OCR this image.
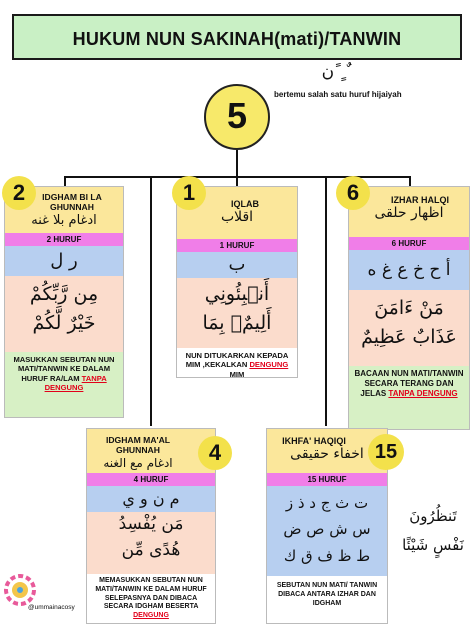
HUKUM NUN SAKINAH(mati)/TANWIN
ن ً ٍ ٌ
bertemu salah satu huruf hijaiyah
5
IDGHAM BI LA GHUNNAH
ادغام بلا غنه
2 HURUF
ر ل
مِن رَّبِّكُمْ
خَيْرٌ لَّكُمْ
MASUKKAN SEBUTAN NUN MATI/TANWIN KE DALAM HURUF RA/LAM TANPA DENGUNG
2	IQLAB
اقلاب
1 HURUF
ب
أَنۢبِئُونِي
أَلِيمٌۢ بِمَا
NUN DITUKARKAN KEPADA MIM ,KEKALKAN DENGUNG MIM
1	IZHAR HALQI
اظهار حلقى
6 HURUF
أ ح خ ع غ ه
مَنْ ءَامَنَ
عَذَابٌ عَظِيمٌ
BACAAN NUN MATI/TANWIN SECARA TERANG DAN JELAS TANPA DENGUNG
6
IDGHAM MA'AL GHUNNAH
ادغام مع الغنه
4 HURUF
م ن و ي
مَن يُفْسِدُ
هُدًى مِّن
MEMASUKKAN SEBUTAN NUN MATI/TANWIN KE DALAM HURUF SELEPASNYA DAN DIBACA SECARA IDGHAM BESERTA DENGUNG
4	IKHFA' HAQIQI
اخفاء حقيقى
15 HURUF
ت ث ج د ذ ز
س ش ص ض
ط ظ ف ق ك
SEBUTAN NUN MATI/ TANWIN DIBACA ANTARA IZHAR DAN IDGHAM
15
تَنظُرُونَ
نَفْسٍ شَيْئًا
@ummainacosy
